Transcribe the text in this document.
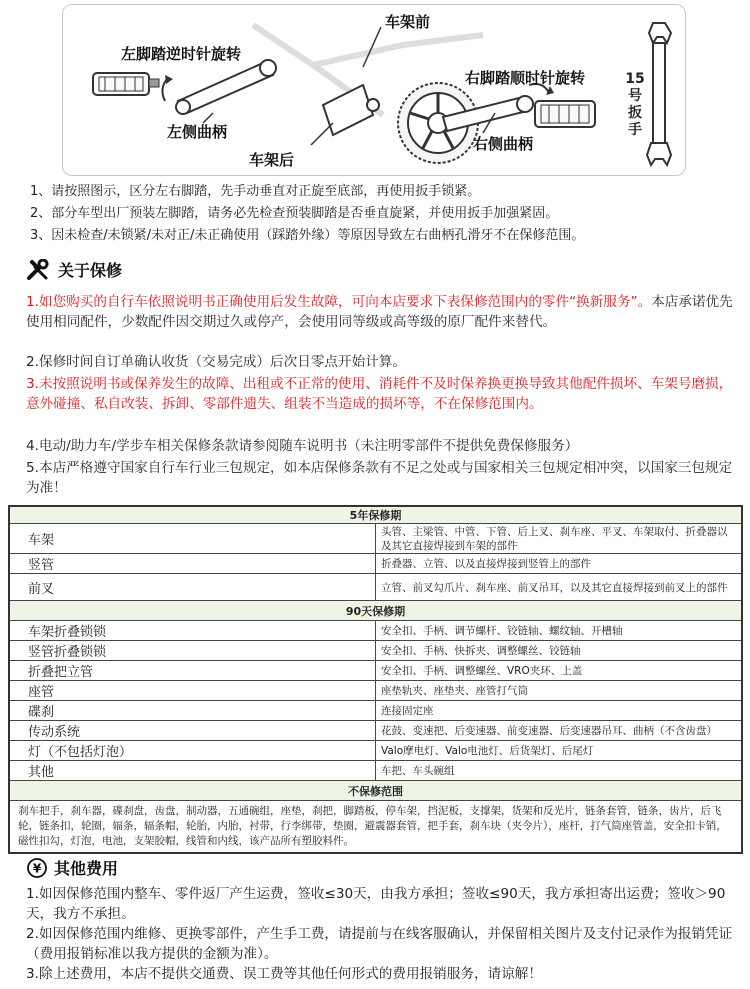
车架前
左脚踏逆时针旋转
左侧曲柄
车架后
右脚踏顺时针旋转
右侧曲柄
15
号
扳
手
1、请按照图示，区分左右脚踏，先手动垂直对正旋至底部，再使用扳手锁紧。
2、部分车型出厂预装左脚踏，请务必先检查预装脚踏是否垂直旋紧，并使用扳手加强紧固。
3、因未检查/未锁紧/未对正/未正确使用（踩踏外缘）等原因导致左右曲柄孔滑牙不在保修范围。
关于保修
1.如您购买的自行车依照说明书正确使用后发生故障，可向本店要求下表保修范围内的零件“换新服务”。本店承诺优先使用相同配件，少数配件因交期过久或停产，会使用同等级或高等级的原厂配件来替代。
2.保修时间自订单确认收货（交易完成）后次日零点开始计算。
3.未按照说明书或保养发生的故障、出租或不正常的使用、消耗件不及时保养换更换导致其他配件损坏、车架号磨损，意外碰撞、私自改装、拆卸、零部件遗失、组装不当造成的损坏等，不在保修范围内。
4.电动/助力车/学步车相关保修条款请参阅随车说明书（未注明零部件不提供免费保修服务）
5.本店严格遵守国家自行车行业三包规定，如本店保修条款有不足之处或与国家相关三包规定相冲突，以国家三包规定为准！
5年保修期	
车架	头管、主梁管、中管、下管、后上叉、刹车座、平叉、车架取付、折叠器以及其它直接焊接到车架的部件
竖管	折叠器、立管、以及直接焊接到竖管上的部件
前叉	立管、前叉勾爪片、刹车座、前叉吊耳，以及其它直接焊接到前叉上的部件
90天保修期	
车架折叠锁锁	安全扣、手柄、调节螺杆、铰链轴、螺纹轴、开槽轴
竖管折叠锁锁	安全扣、手柄、快拆夹、调整螺丝、铰链轴
折叠把立管	安全扣、手柄、调整螺丝、VRO夹环、上盖
座管	座垫轨夹、座垫夹、座管打气筒
碟刹	连接固定座
传动系统	花鼓、变速把、后变速器、前变速器、后变速器吊耳、曲柄（不含齿盘）
灯（不包括灯泡）	Valo摩电灯、Valo电池灯、后货架灯、后尾灯
其他	车把、车头碗组
不保修范围	
刹车把手，刹车器，碟刹盘，齿盘，制动器，五通碗组，座垫，刹把，脚踏板，停车架，挡泥板，支撑架，货架和反光片，链条套管，链条，齿片，后飞轮，链条扣，轮圈，辐条，辐条帽，轮胎，内胎，衬带，行李绑带，垫圈，避震器套管，把手套，刹车块（夹令片），座杆，打气筒座管盖，安全扣卡销，磁性扣勾，灯泡，电池，支架胶帽，线管和内线，该产品所有塑胶料件。	
¥ 其他费用
1.如因保修范围内整车、零件返厂产生运费，签收≤30天，由我方承担；签收≤90天，我方承担寄出运费；签收＞90天，我方不承担。
2.如因保修范围内维修、更换零部件，产生手工费，请提前与在线客服确认，并保留相关图片及支付记录作为报销凭证（费用报销标准以我方提供的金额为准）。
3.除上述费用，本店不提供交通费、误工费等其他任何形式的费用报销服务，请谅解！
